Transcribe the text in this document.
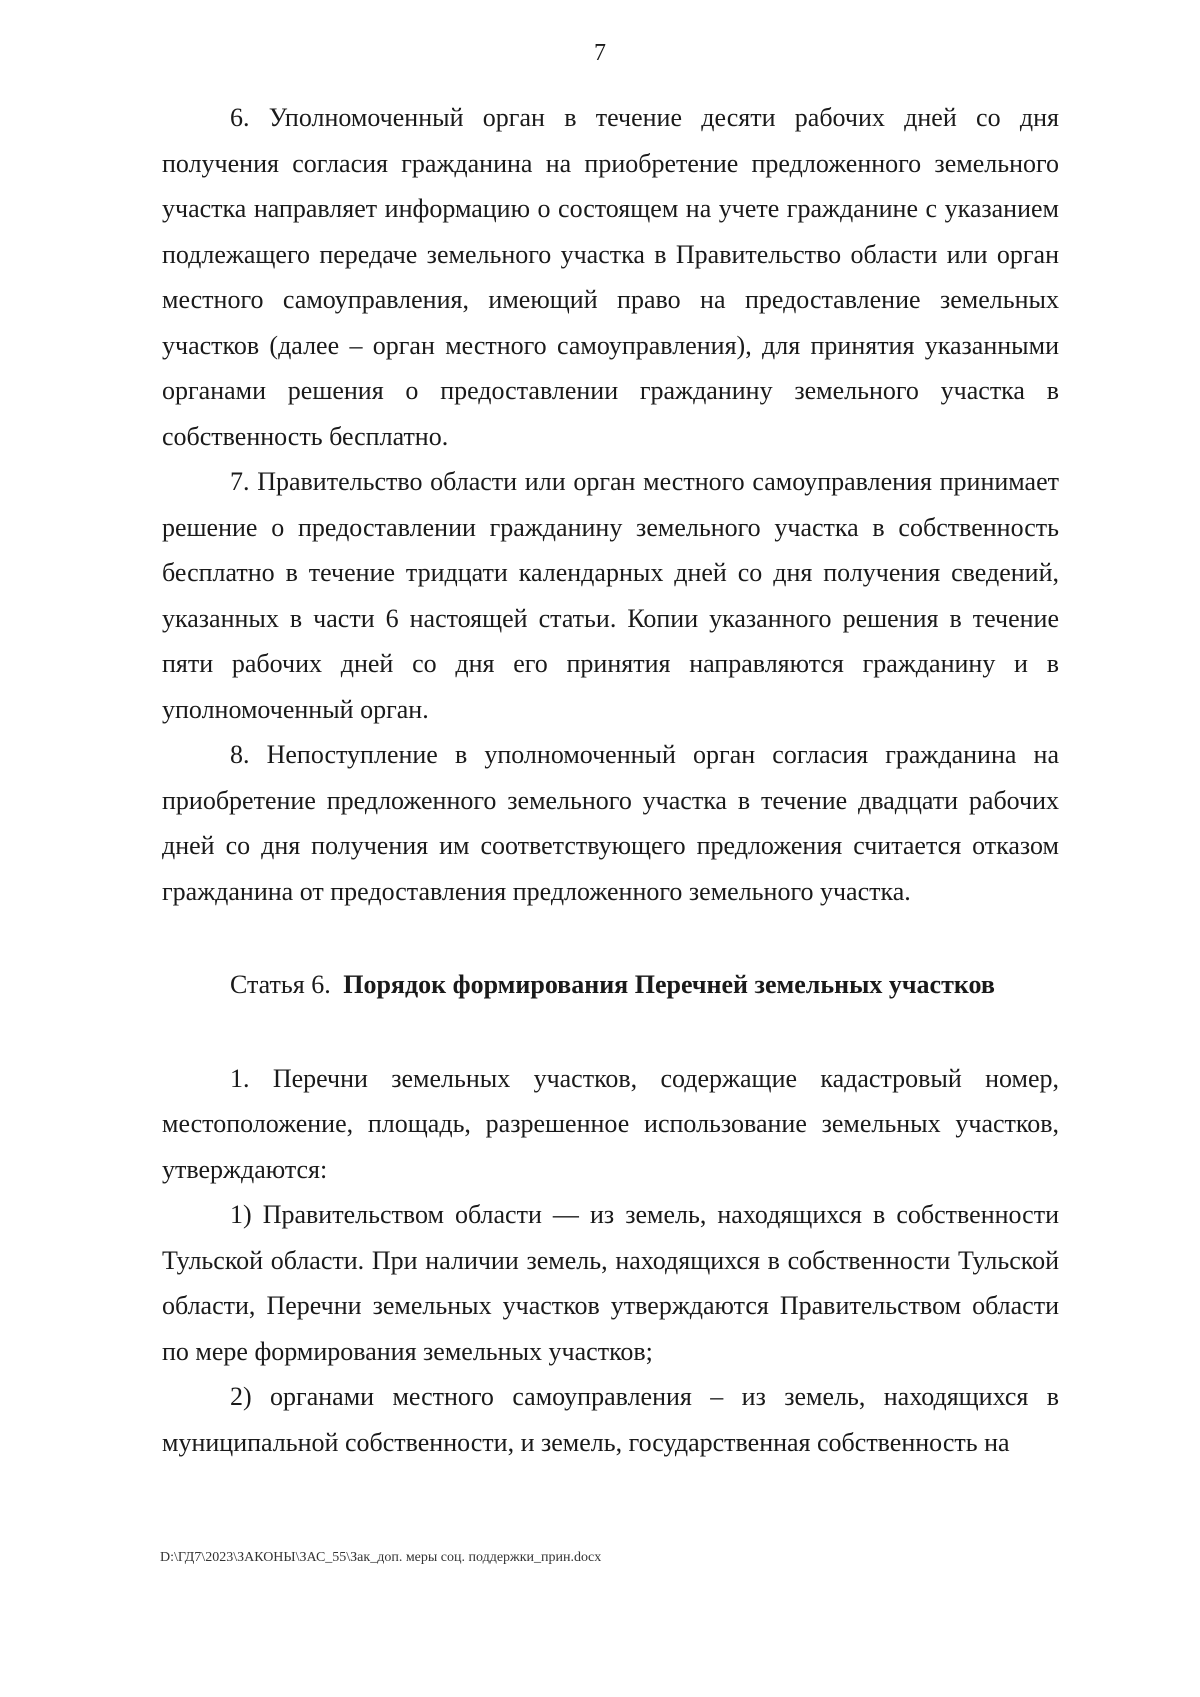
7

6. Уполномоченный орган в течение десяти рабочих дней со дня получения согласия гражданина на приобретение предложенного земельного участка направляет информацию о состоящем на учете гражданине с указанием подлежащего передаче земельного участка в Правительство области или орган местного самоуправления, имеющий право на предоставление земельных участков (далее – орган местного самоуправления), для принятия указанными органами решения о предоставлении гражданину земельного участка в собственность бесплатно.

7. Правительство области или орган местного самоуправления принимает решение о предоставлении гражданину земельного участка в собственность бесплатно в течение тридцати календарных дней со дня получения сведений, указанных в части 6 настоящей статьи. Копии указанного решения в течение пяти рабочих дней со дня его принятия направляются гражданину и в уполномоченный орган.

8. Непоступление в уполномоченный орган согласия гражданина на приобретение предложенного земельного участка в течение двадцати рабочих дней со дня получения им соответствующего предложения считается отказом гражданина от предоставления предложенного земельного участка.

Статья 6. Порядок формирования Перечней земельных участков

1. Перечни земельных участков, содержащие кадастровый номер, местоположение, площадь, разрешенное использование земельных участков, утверждаются:

1) Правительством области — из земель, находящихся в собственности Тульской области. При наличии земель, находящихся в собственности Тульской области, Перечни земельных участков утверждаются Правительством области по мере формирования земельных участков;

2) органами местного самоуправления – из земель, находящихся в муниципальной собственности, и земель, государственная собственность на

D:\ГД7\2023\ЗАКОНЫ\ЗАС_55\Зак_доп. меры соц. поддержки_прин.docx
